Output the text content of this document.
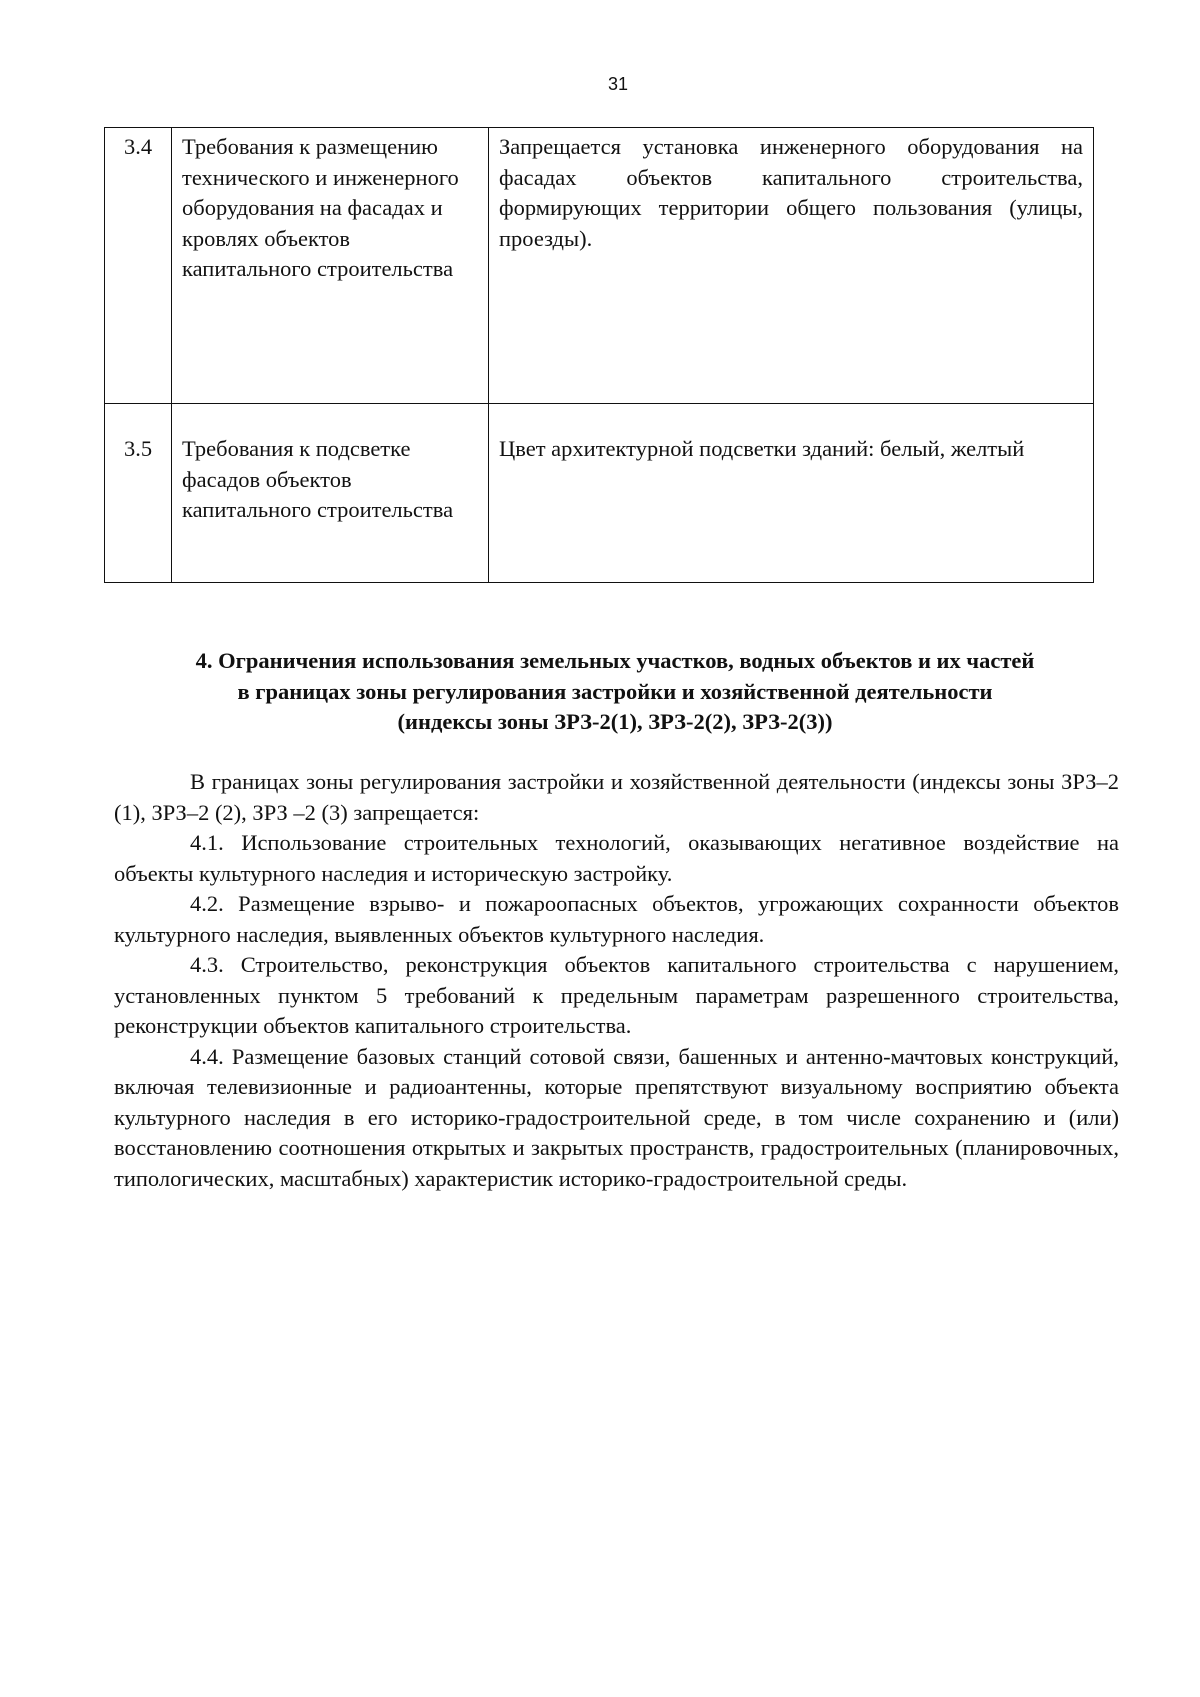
31
3.4	Требования к размещению технического и инженерного оборудования на фасадах и кровлях объектов капитального строительства	Запрещается установка инженерного оборудования на фасадах объектов капитального строительства, формирующих территории общего пользования (улицы, проезды).
3.5	Требования к подсветке фасадов объектов капитального строительства	Цвет архитектурной подсветки зданий: белый, желтый
4. Ограничения использования земельных участков, водных объектов и их частей
в границах зоны регулирования застройки и хозяйственной деятельности
(индексы зоны ЗРЗ-2(1), ЗРЗ-2(2), ЗРЗ-2(3))

В границах зоны регулирования застройки и хозяйственной деятельности (индексы зоны ЗРЗ–2 (1), ЗРЗ–2 (2), ЗРЗ –2 (3) запрещается:

4.1. Использование строительных технологий, оказывающих негативное воздействие на объекты культурного наследия и историческую застройку.

4.2. Размещение взрыво- и пожароопасных объектов, угрожающих сохранности объектов культурного наследия, выявленных объектов культурного наследия.

4.3. Строительство, реконструкция объектов капитального строительства с нарушением, установленных пунктом 5 требований к предельным параметрам разрешенного строительства, реконструкции объектов капитального строительства.

4.4. Размещение базовых станций сотовой связи, башенных и антенно-мачтовых конструкций, включая телевизионные и радиоантенны, которые препятствуют визуальному восприятию объекта культурного наследия в его историко-градостроительной среде, в том числе сохранению и (или) восстановлению соотношения открытых и закрытых пространств, градостроительных (планировочных, типологических, масштабных) характеристик историко-градостроительной среды.
